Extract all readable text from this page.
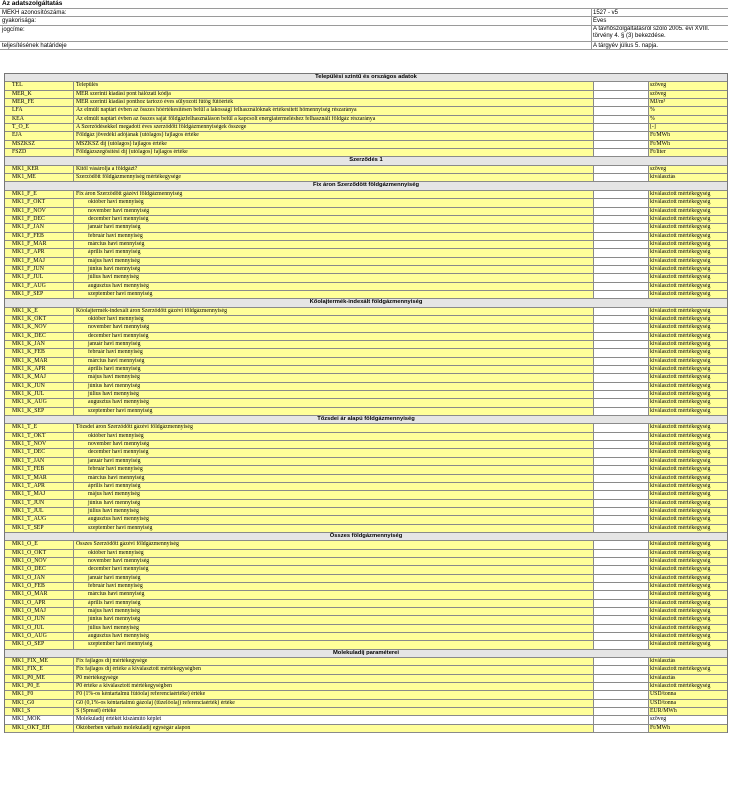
Az adatszolgáltatás
MEKH azonosítószáma:	1527 - v5
gyakorisága:	Éves
jogcíme:	A távhőszolgáltatásról szóló 2005. évi XVIII. törvény 4. § (3) bekezdése.
teljesítésének határideje	A tárgyév július 5. napja.
Települési szintű és országos adatok
TEL	Település	szöveg
MER_K	MER szerinti kiadási pont hálózati kódja	szöveg
MER_FÉ	MER szerinti kiadási ponthoz tartozó éves sülyozott fűtőg fűtőérték	MJ/m³
LFA	Az elmúlt naptári évben az összes hőértékesítésen belül a lakossági felhasználóknak értékesített hőmennyiség részaránya	%
KEA	Az elmúlt naptári évben az összes saját földgázfelhasználáson belül a kapcsolt energiatermeléshez felhasznált földgáz részaránya	%
T_Ö_E	A Szerződésekkel megadott éves szerződött földgázmennyiségek összege	[-]
EJA	Földgáz jövedéki adójának (utólagos) fajlagos értéke	Ft/MWh
MSZKSZ	MSZKSZ díj (utólagos) fajlagos értéke	Ft/MWh
FSZD	Földgázszegősítési díj (utólagos) fajlagos értéke	Ft/liter
Szerződés 1
MK1_KER	Kitöl vásárolja a földgázt?	szöveg
MK1_ME	Szerződött földgázmennyiség mértékegysége	kiválasztás
Fix áron Szerződött földgázmennyiség
MK1_F_E	Fix áron Szerződött gázévi földgázmennyiség	kiválasztott mértékegység
MK1_F_OKT	október havi mennyiség	kiválasztott mértékegység
MK1_F_NOV	november havi mennyiség	kiválasztott mértékegység
MK1_F_DEC	december havi mennyiség	kiválasztott mértékegység
MK1_F_JAN	január havi mennyiség	kiválasztott mértékegység
MK1_F_FEB	február havi mennyiség	kiválasztott mértékegység
MK1_F_MAR	március havi mennyiség	kiválasztott mértékegység
MK1_F_APR	április havi mennyiség	kiválasztott mértékegység
MK1_F_MAJ	május havi mennyiség	kiválasztott mértékegység
MK1_F_JUN	június havi mennyiség	kiválasztott mértékegység
MK1_F_JUL	július havi mennyiség	kiválasztott mértékegység
MK1_F_AUG	augusztus havi mennyiség	kiválasztott mértékegység
MK1_F_SEP	szeptember havi mennyiség	kiválasztott mértékegység
Kőolajtermék-indexált földgázmennyiség
MK1_K_E	Kőolajtermék-indexált áron Szerződött gázévi földgázmennyiség	kiválasztott mértékegység
MK1_K_OKT	október havi mennyiség	kiválasztott mértékegység
MK1_K_NOV	november havi mennyiség	kiválasztott mértékegység
MK1_K_DEC	december havi mennyiség	kiválasztott mértékegység
MK1_K_JAN	január havi mennyiség	kiválasztott mértékegység
MK1_K_FEB	február havi mennyiség	kiválasztott mértékegység
MK1_K_MAR	március havi mennyiség	kiválasztott mértékegység
MK1_K_APR	április havi mennyiség	kiválasztott mértékegység
MK1_K_MAJ	május havi mennyiség	kiválasztott mértékegység
MK1_K_JUN	június havi mennyiség	kiválasztott mértékegység
MK1_K_JUL	július havi mennyiség	kiválasztott mértékegység
MK1_K_AUG	augusztus havi mennyiség	kiválasztott mértékegység
MK1_K_SEP	szeptember havi mennyiség	kiválasztott mértékegység
Tőzsdei ár alapú földgázmennyiség
MK1_T_E	Tőzsdei áron Szerződött gázévi földgázmennyiség	kiválasztott mértékegység
MK1_T_OKT	október havi mennyiség	kiválasztott mértékegység
MK1_T_NOV	november havi mennyiség	kiválasztott mértékegység
MK1_T_DEC	december havi mennyiség	kiválasztott mértékegység
MK1_T_JAN	január havi mennyiség	kiválasztott mértékegység
MK1_T_FEB	február havi mennyiség	kiválasztott mértékegység
MK1_T_MAR	március havi mennyiség	kiválasztott mértékegység
MK1_T_APR	április havi mennyiség	kiválasztott mértékegység
MK1_T_MAJ	május havi mennyiség	kiválasztott mértékegység
MK1_T_JUN	június havi mennyiség	kiválasztott mértékegység
MK1_T_JUL	július havi mennyiség	kiválasztott mértékegység
MK1_T_AUG	augusztus havi mennyiség	kiválasztott mértékegység
MK1_T_SEP	szeptember havi mennyiség	kiválasztott mértékegység
Összes földgázmennyiség
MK1_Ö_E	Összes Szerződött gázévi földgázmennyiség	kiválasztott mértékegység
MK1_Ö_OKT	október havi mennyiség	kiválasztott mértékegység
MK1_Ö_NOV	november havi mennyiség	kiválasztott mértékegység
MK1_Ö_DEC	december havi mennyiség	kiválasztott mértékegység
MK1_Ö_JAN	január havi mennyiség	kiválasztott mértékegység
MK1_Ö_FEB	február havi mennyiség	kiválasztott mértékegység
MK1_Ö_MAR	március havi mennyiség	kiválasztott mértékegység
MK1_Ö_APR	április havi mennyiség	kiválasztott mértékegység
MK1_Ö_MAJ	május havi mennyiség	kiválasztott mértékegység
MK1_Ö_JUN	június havi mennyiség	kiválasztott mértékegység
MK1_Ö_JUL	július havi mennyiség	kiválasztott mértékegység
MK1_Ö_AUG	augusztus havi mennyiség	kiválasztott mértékegység
MK1_Ö_SEP	szeptember havi mennyiség	kiválasztott mértékegység
Molekuladíj paraméterei
MK1_FIX_ME	Fix fajlagos díj mértékegysége	kiválasztás
MK1_FIX_É	Fix fajlagos díj értéke a kiválasztott mértékegységben	kiválasztott mértékegység
MK1_P0_ME	P0 mértékegysége	kiválasztás
MK1_P0_É	P0 értéke a kiválasztott mértékegységben	kiválasztott mértékegység
MK1_F0	F0 (1%-os kéntartalmú fűtőolaj referenciaértéke) értéke	USD/tonna
MK1_G0	G0 (0,1%-os kéntartalmú gázolaj (tüzelőolaj) referenciaérték) értéke	USD/tonna
MK1_S	S (Spread) értéke	EUR/MWh
MK1_MOK	Molekuladíj értékét kiszámító képlet	szöveg
MK1_OKT_ÉH	Októberben várható molekuladíj egységár alapon	Ft/MWh
